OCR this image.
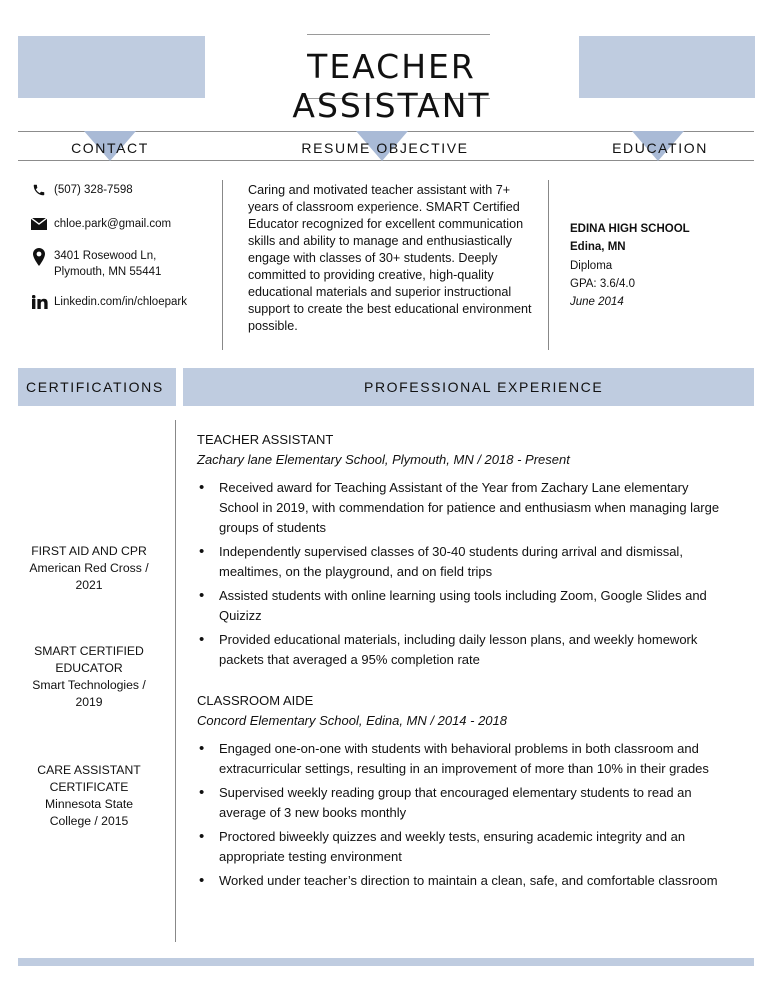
TEACHER ASSISTANT
CONTACT	RESUME OBJECTIVE	EDUCATION
(507) 328-7598
chloe.park@gmail.com
3401 Rosewood Ln,
Plymouth, MN 55441
Linkedin.com/in/chloepark
Caring and motivated teacher assistant with 7+ years of classroom experience. SMART Certified Educator recognized for excellent communication skills and ability to manage and enthusiastically engage with classes of 30+ students. Deeply committed to providing creative, high-quality educational materials and superior instructional support to create the best educational environment possible.
EDINA HIGH SCHOOL
Edina, MN
Diploma
GPA: 3.6/4.0
June 2014
CERTIFICATIONS	PROFESSIONAL EXPERIENCE
FIRST AID AND CPR
American Red Cross /
2021
SMART CERTIFIED
EDUCATOR
Smart Technologies /
2019
CARE ASSISTANT
CERTIFICATE
Minnesota State
College / 2015
TEACHER ASSISTANT
Zachary lane Elementary School, Plymouth, MN / 2018 - Present
• Received award for Teaching Assistant of the Year from Zachary Lane elementary School in 2019, with commendation for patience and enthusiasm when managing large groups of students
• Independently supervised classes of 30-40 students during arrival and dismissal, mealtimes, on the playground, and on field trips
• Assisted students with online learning using tools including Zoom, Google Slides and Quizizz
• Provided educational materials, including daily lesson plans, and weekly homework packets that averaged a 95% completion rate
CLASSROOM AIDE
Concord Elementary School, Edina, MN / 2014 - 2018
• Engaged one-on-one with students with behavioral problems in both classroom and extracurricular settings, resulting in an improvement of more than 10% in their grades
• Supervised weekly reading group that encouraged elementary students to read an average of 3 new books monthly
• Proctored biweekly quizzes and weekly tests, ensuring academic integrity and an appropriate testing environment
• Worked under teacher’s direction to maintain a clean, safe, and comfortable classroom
